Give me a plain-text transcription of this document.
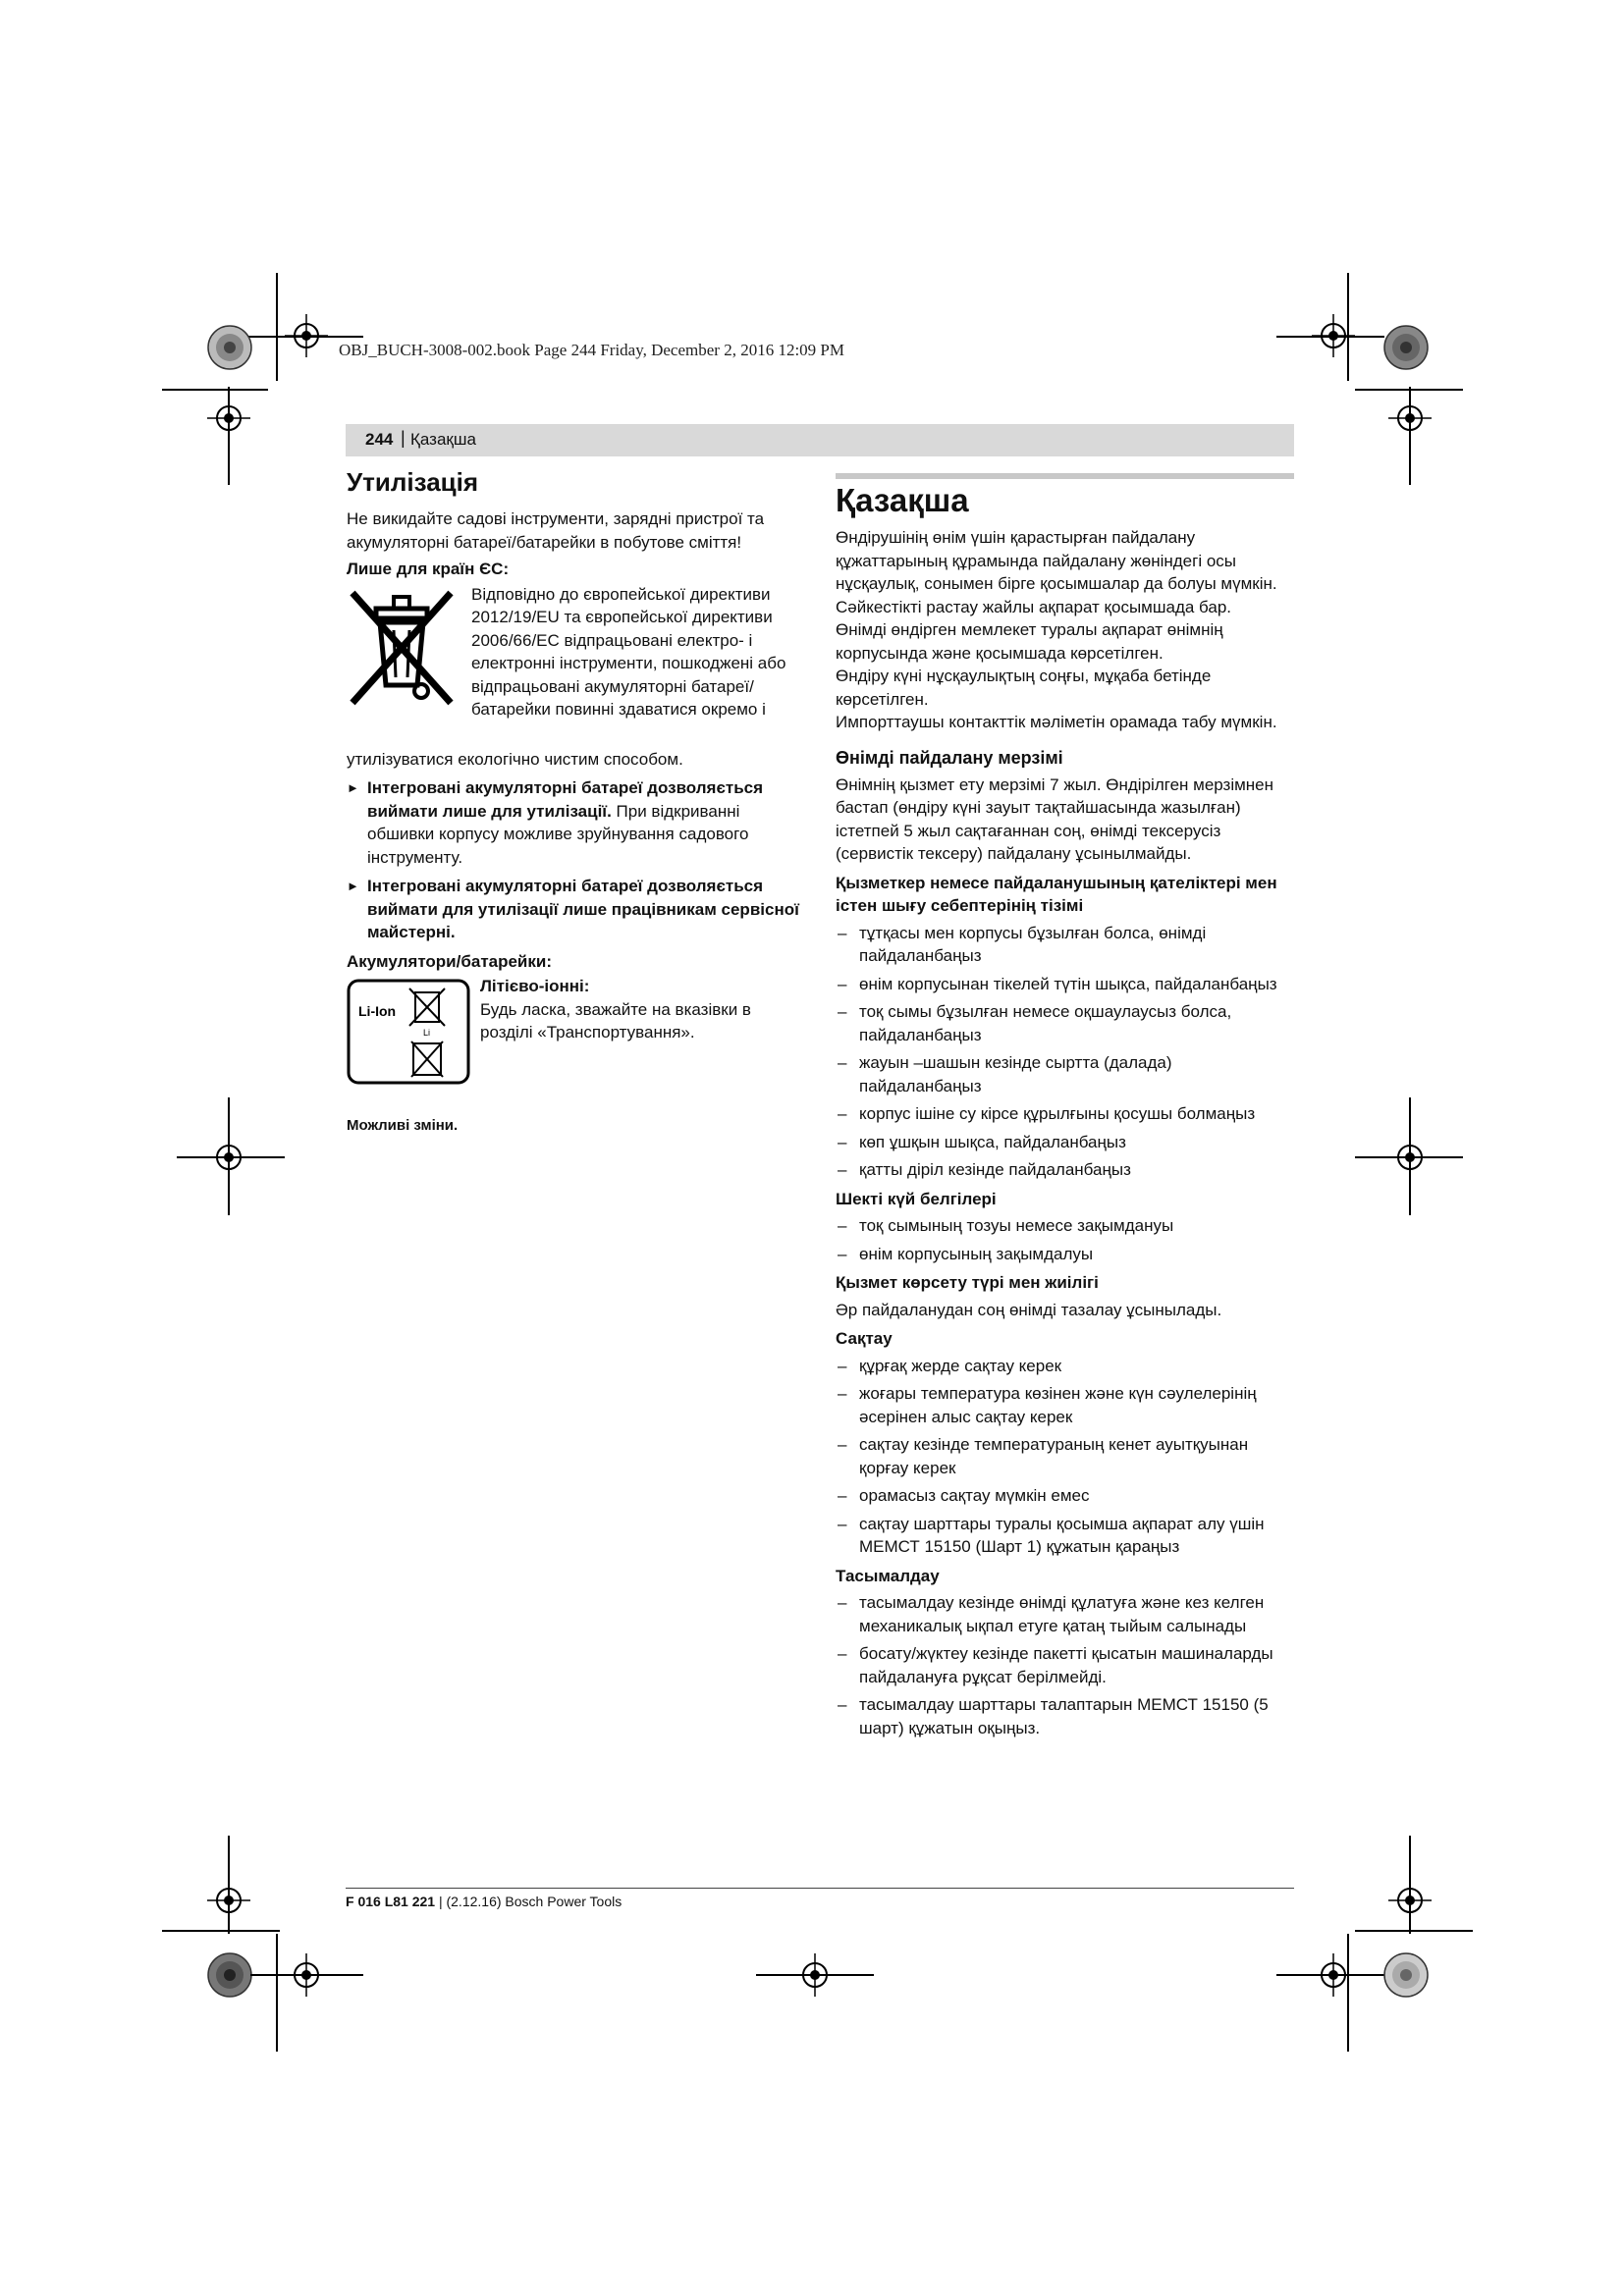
OBJ_BUCH-3008-002.book Page 244 Friday, December 2, 2016 12:09 PM
244 | Қазақша
Утилізація

Не викидайте садові інструменти, зарядні пристрої та акумуляторні батареї/батарейки в побутове сміття!

Лише для країн ЄС:

Відповідно до європейської директиви

2012/19/EU та європейської директиви

2006/66/EC відпрацьовані електро- і

електронні інструменти, пошкоджені або

відпрацьовані акумуляторні батареї/

батарейки повинні здаватися окремо і

утилізуватися екологічно чистим способом.

► Інтегровані акумуляторні батареї дозволяється виймати лише для утилізації. При відкриванні обшивки корпусу можливе зруйнування садового інструменту.
► Інтегровані акумуляторні батареї дозволяється виймати для утилізації лише працівникам сервісної майстерні.

Акумулятори/батарейки:

Li-Ion
Li

Літієво-іонні:

Будь ласка, зважайте на вказівки в розділі «Транспортування».

Можливі зміни.

Қазақша

Өндірушінің өнім үшін қарастырған пайдалану құжаттарының құрамында пайдалану жөніндегі осы нұсқаулық, сонымен бірге қосымшалар да болуы мүмкін.

Сәйкестікті растау жайлы ақпарат қосымшада бар.

Өнімді өндірген мемлекет туралы ақпарат өнімнің корпусында және қосымшада көрсетілген.

Өндіру күні нұсқаулықтың соңғы, мұқаба бетінде көрсетілген.

Импорттаушы контакттік мәліметін орамада табу мүмкін.

Өнімді пайдалану мерзімі

Өнімнің қызмет ету мерзімі 7 жыл. Өндірілген мерзімнен бастап (өндіру күні зауыт тақтайшасында жазылған) істетпей 5 жыл сақтағаннан соң, өнімді тексерусіз (сервистік тексеру) пайдалану ұсынылмайды.

Қызметкер немесе пайдаланушының қателіктері мен істен шығу себептерінің тізімі
– тұтқасы мен корпусы бұзылған болса, өнімді пайдаланбаңыз
– өнім корпусынан тікелей түтін шықса, пайдаланбаңыз
– тоқ сымы бұзылған немесе оқшаулаусыз болса, пайдаланбаңыз
– жауын –шашын кезінде сыртта (далада) пайдаланбаңыз
– корпус ішіне су кірсе құрылғыны қосушы болмаңыз
– көп ұшқын шықса, пайдаланбаңыз
– қатты діріл кезінде пайдаланбаңыз
Шекті күй белгілері
– тоқ сымының тозуы немесе зақымдануы
– өнім корпусының зақымдалуы
Қызмет көрсету түрі мен жиілігі

Әр пайдаланудан соң өнімді тазалау ұсынылады.

Сақтау
– құрғақ жерде сақтау керек
– жоғары температура көзінен және күн сәулелерінің әсерінен алыс сақтау керек
– сақтау кезінде температураның кенет ауытқуынан қорғау керек
– орамасыз сақтау мүмкін емес
– сақтау шарттары туралы қосымша ақпарат алу үшін МЕМСТ 15150 (Шарт 1) құжатын қараңыз
Тасымалдау
– тасымалдау кезінде өнімді құлатуға және кез келген механикалық ықпал етуге қатаң тыйым салынады
– босату/жүктеу кезінде пакетті қысатын машиналарды пайдалануға рұқсат берілмейді.
– тасымалдау шарттары талаптарын МЕМСТ 15150 (5 шарт) құжатын оқыңыз.
F 016 L81 221 | (2.12.16) Bosch Power Tools
